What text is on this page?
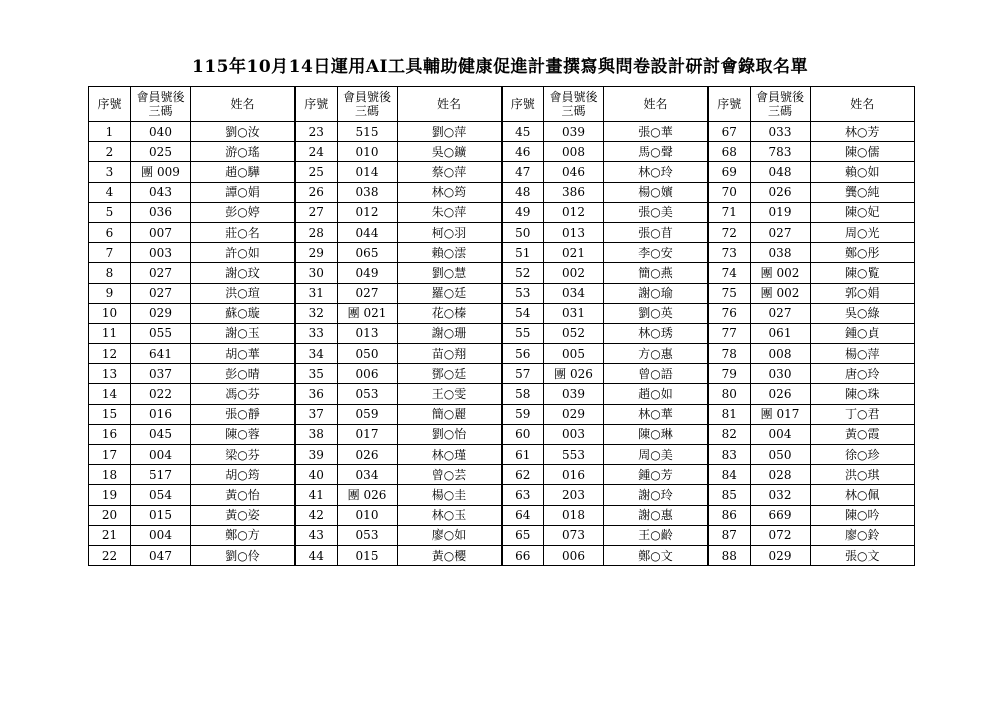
115年10月14日運用AI工具輔助健康促進計畫撰寫與問卷設計研討會錄取名單
序號	會員號後三碼	姓名	序號	會員號後三碼	姓名	序號	會員號後三碼	姓名	序號	會員號後三碼	姓名
1	040	劉○汝	23	515	劉○萍	45	039	張○華	67	033	林○芳
2	025	游○瑤	24	010	吳○鑛	46	008	馬○聲	68	783	陳○儒
3	團 009	趙○驊	25	014	蔡○萍	47	046	林○玲	69	048	賴○如
4	043	譚○娟	26	038	林○筠	48	386	楊○嬪	70	026	龔○純
5	036	彭○婷	27	012	朱○萍	49	012	張○美	71	019	陳○妃
6	007	莊○名	28	044	柯○羽	50	013	張○苜	72	027	周○光
7	003	許○如	29	065	賴○澐	51	021	李○安	73	038	鄭○彤
8	027	謝○玟	30	049	劉○慧	52	002	簡○燕	74	團 002	陳○覧
9	027	洪○瑄	31	027	羅○廷	53	034	謝○瑜	75	團 002	郭○娟
10	029	蘇○璇	32	團 021	花○榛	54	031	劉○英	76	027	吳○綠
11	055	謝○玉	33	013	謝○珊	55	052	林○琇	77	061	鍾○貞
12	641	胡○華	34	050	苗○翔	56	005	方○惠	78	008	楊○萍
13	037	彭○晴	35	006	鄧○廷	57	團 026	曾○語	79	030	唐○玲
14	022	馮○芬	36	053	王○雯	58	039	趙○如	80	026	陳○珠
15	016	張○靜	37	059	簡○麗	59	029	林○華	81	團 017	丁○君
16	045	陳○蓉	38	017	劉○怡	60	003	陳○琳	82	004	黃○霞
17	004	梁○芬	39	026	林○瑾	61	553	周○美	83	050	徐○珍
18	517	胡○筠	40	034	曾○芸	62	016	鍾○芳	84	028	洪○琪
19	054	黃○怡	41	團 026	楊○圭	63	203	謝○玲	85	032	林○佩
20	015	黃○姿	42	010	林○玉	64	018	謝○惠	86	669	陳○吟
21	004	鄭○方	43	053	廖○如	65	073	王○齡	87	072	廖○鈴
22	047	劉○伶	44	015	黃○櫻	66	006	鄭○文	88	029	張○文
